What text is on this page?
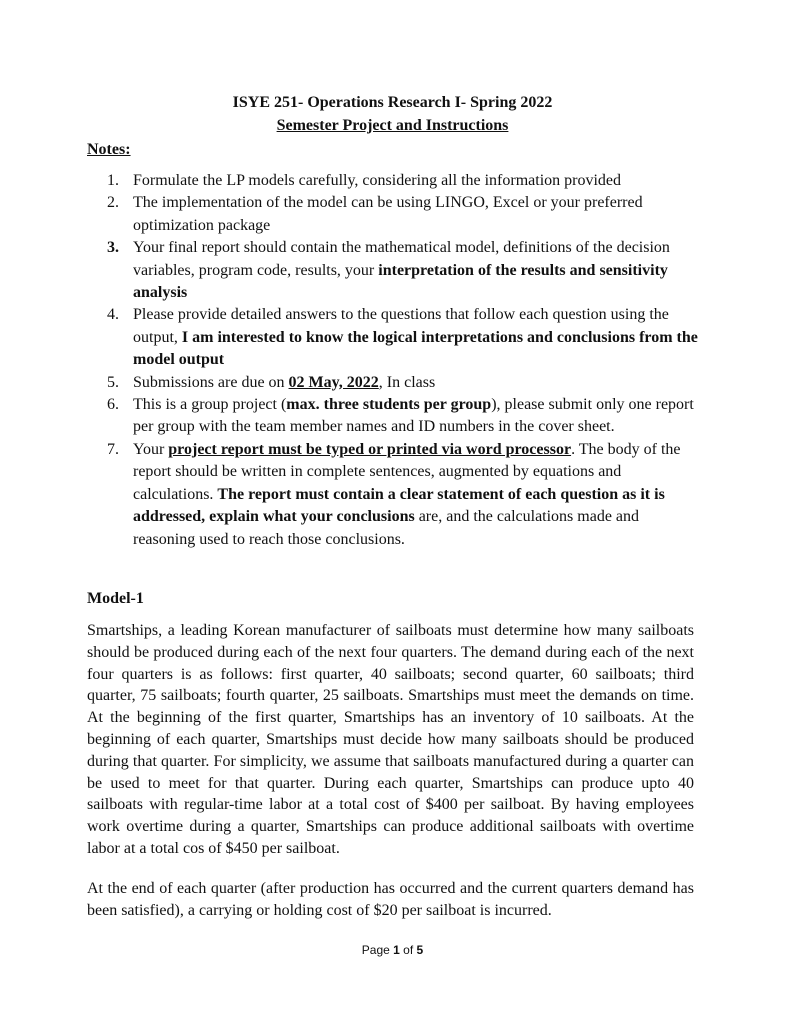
ISYE 251- Operations Research I- Spring 2022
Semester Project and Instructions
Notes:
1. Formulate the LP models carefully, considering all the information provided
2. The implementation of the model can be using LINGO, Excel or your preferred optimization package
3. Your final report should contain the mathematical model, definitions of the decision variables, program code, results, your interpretation of the results and sensitivity analysis
4. Please provide detailed answers to the questions that follow each question using the output, I am interested to know the logical interpretations and conclusions from the model output
5. Submissions are due on 02 May, 2022, In class
6. This is a group project (max. three students per group), please submit only one report per group with the team member names and ID numbers in the cover sheet.
7. Your project report must be typed or printed via word processor. The body of the report should be written in complete sentences, augmented by equations and calculations. The report must contain a clear statement of each question as it is addressed, explain what your conclusions are, and the calculations made and reasoning used to reach those conclusions.
Model-1

Smartships, a leading Korean manufacturer of sailboats must determine how many sailboats should be produced during each of the next four quarters. The demand during each of the next four quarters is as follows: first quarter, 40 sailboats; second quarter, 60 sailboats; third quarter, 75 sailboats; fourth quarter, 25 sailboats. Smartships must meet the demands on time. At the beginning of the first quarter, Smartships has an inventory of 10 sailboats. At the beginning of each quarter, Smartships must decide how many sailboats should be produced during that quarter. For simplicity, we assume that sailboats manufactured during a quarter can be used to meet for that quarter. During each quarter, Smartships can produce upto 40 sailboats with regular-time labor at a total cost of $400 per sailboat. By having employees work overtime during a quarter, Smartships can produce additional sailboats with overtime labor at a total cos of $450 per sailboat.

At the end of each quarter (after production has occurred and the current quarters demand has been satisfied), a carrying or holding cost of $20 per sailboat is incurred.

Page 1 of 5
